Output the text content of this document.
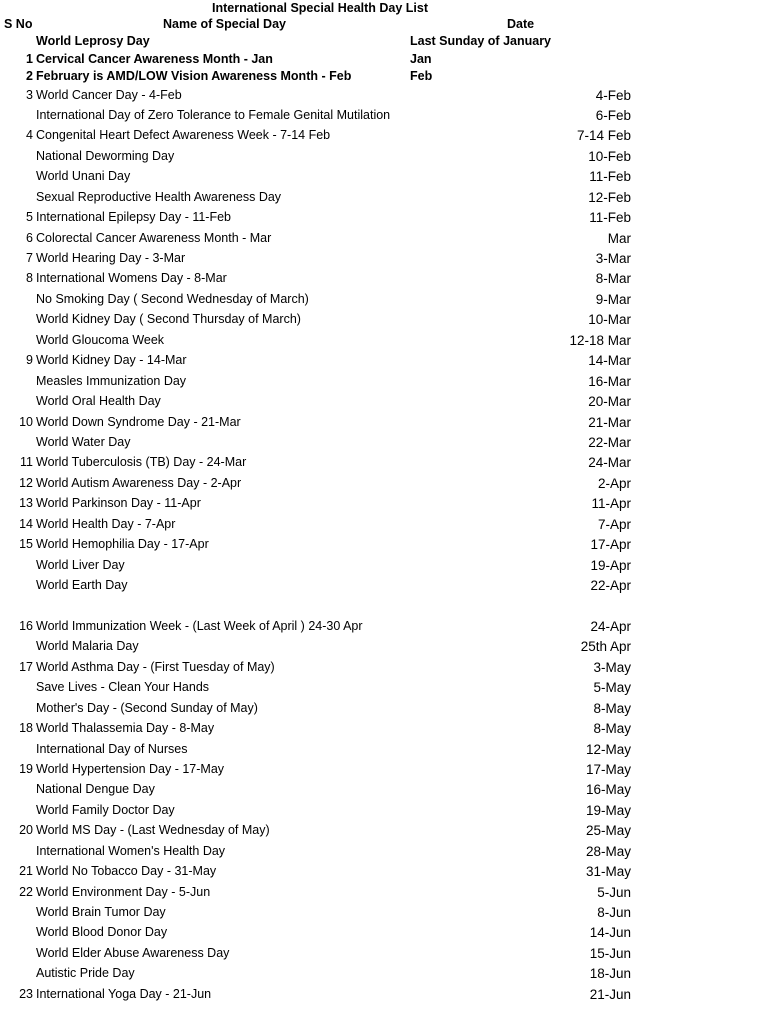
International Special Health Day List
S No	Name of Special Day	Date
World Leprosy Day	Last Sunday of January
1 Cervical Cancer Awareness Month - Jan	Jan
2 February is AMD/LOW Vision Awareness Month - Feb	Feb
3 World Cancer Day - 4-Feb	4-Feb
International Day of Zero Tolerance to Female Genital Mutilation	6-Feb
4 Congenital Heart Defect Awareness Week - 7-14 Feb	7-14 Feb
National Deworming Day	10-Feb
World Unani Day	11-Feb
Sexual Reproductive Health Awareness Day	12-Feb
5 International Epilepsy Day - 11-Feb	11-Feb
6 Colorectal Cancer Awareness Month - Mar	Mar
7 World Hearing Day - 3-Mar	3-Mar
8 International Womens Day - 8-Mar	8-Mar
No Smoking Day ( Second Wednesday of March)	9-Mar
World Kidney Day ( Second Thursday of March)	10-Mar
World Gloucoma Week	12-18 Mar
9 World Kidney Day - 14-Mar	14-Mar
Measles Immunization Day	16-Mar
World Oral Health Day	20-Mar
10 World Down Syndrome Day - 21-Mar	21-Mar
World Water Day	22-Mar
11 World Tuberculosis (TB) Day - 24-Mar	24-Mar
12 World Autism Awareness Day - 2-Apr	2-Apr
13 World Parkinson Day - 11-Apr	11-Apr
14 World Health Day - 7-Apr	7-Apr
15 World Hemophilia Day - 17-Apr	17-Apr
World Liver Day	19-Apr
World Earth Day	22-Apr
16 World Immunization Week - (Last Week of April ) 24-30 Apr	24-Apr
World Malaria Day	25th Apr
17 World Asthma Day - (First Tuesday of May)	3-May
Save Lives - Clean Your Hands	5-May
Mother's Day - (Second Sunday of May)	8-May
18 World Thalassemia Day - 8-May	8-May
International Day of Nurses	12-May
19 World Hypertension Day - 17-May	17-May
National Dengue Day	16-May
World Family Doctor Day	19-May
20 World MS Day - (Last Wednesday of May)	25-May
International Women's Health Day	28-May
21 World No Tobacco Day - 31-May	31-May
22 World Environment Day - 5-Jun	5-Jun
World Brain Tumor Day	8-Jun
World Blood Donor Day	14-Jun
World Elder Abuse Awareness Day	15-Jun
Autistic Pride Day	18-Jun
23 International Yoga Day - 21-Jun	21-Jun
